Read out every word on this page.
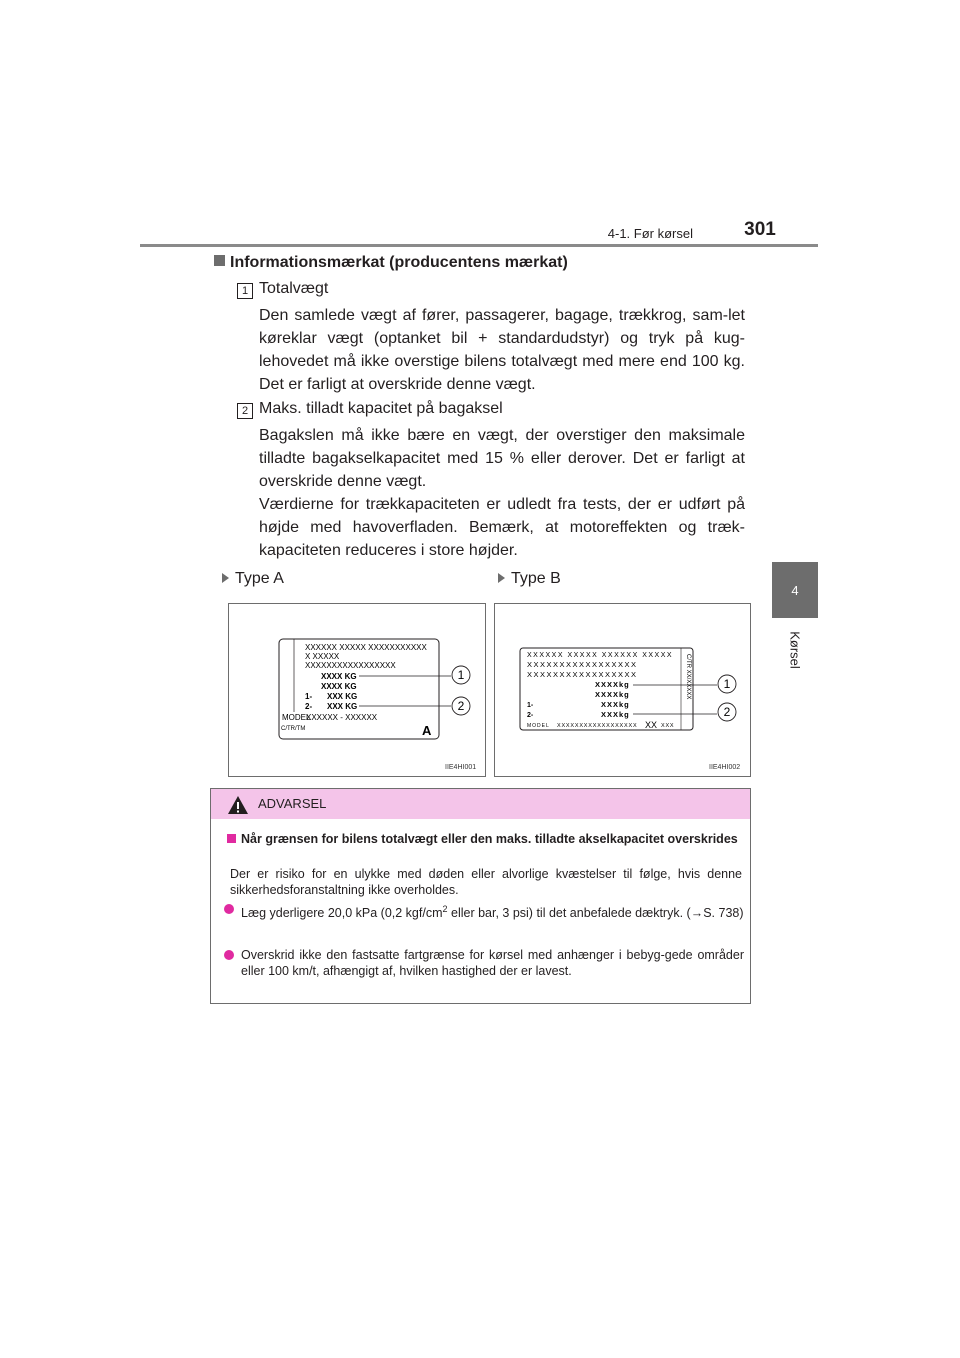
4-1. Før kørsel	301
4
Kørsel
Informationsmærkat (producentens mærkat)
1 Totalvægt
Den samlede vægt af fører, passagerer, bagage, trækkrog, sam-let køreklar vægt (optanket bil + standardudstyr) og tryk på kug-lehovedet må ikke overstige bilens totalvægt med mere end 100 kg. Det er farligt at overskride denne vægt.
2 Maks. tilladt kapacitet på bagaksel
Bagakslen må ikke bære en vægt, der overstiger den maksimale tilladte bagakselkapacitet med 15 % eller derover. Det er farligt at overskride denne vægt.
Værdierne for trækkapaciteten er udledt fra tests, der er udført på højde med havoverfladen. Bemærk, at motoreffekten og træk-kapaciteten reduceres i store højder.
Type A	Type B
XXXXXX XXXXX XXXXXXXXXXX
X XXXXX
XXXXXXXXXXXXXXXXX
XXXX KG
XXXX KG
XXX KG
XXX KG
1-
2-
MODEL
XXXXXX - XXXXXX
C/TR/TM	A
1
2
IIE4HI001
XXXXXX XXXXX XXXXXX XXXXX
XXXXXXXXXXXXXXXXX
XXXXXXXXXXXXXXXXX
XXXXkg
XXXXkg
XXXkg
XXXkg
1-
2-
MODEL XXXXXXXXXXXXXXXXXX XX XXX
C/TR XX/XXXXX	1
2
IIE4HI002
ADVARSEL
Når grænsen for bilens totalvægt eller den maks. tilladte akselkapacitet overskrides
Der er risiko for en ulykke med døden eller alvorlige kvæstelser til følge, hvis denne sikkerhedsforanstaltning ikke overholdes.
Læg yderligere 20,0 kPa (0,2 kgf/$cm^2$ eller bar, 3 psi) til det anbefalede dæktryk. (→S. 738)
Overskrid ikke den fastsatte fartgrænse for kørsel med anhænger i bebyg-gede områder eller 100 km/t, afhængigt af, hvilken hastighed der er lavest.
